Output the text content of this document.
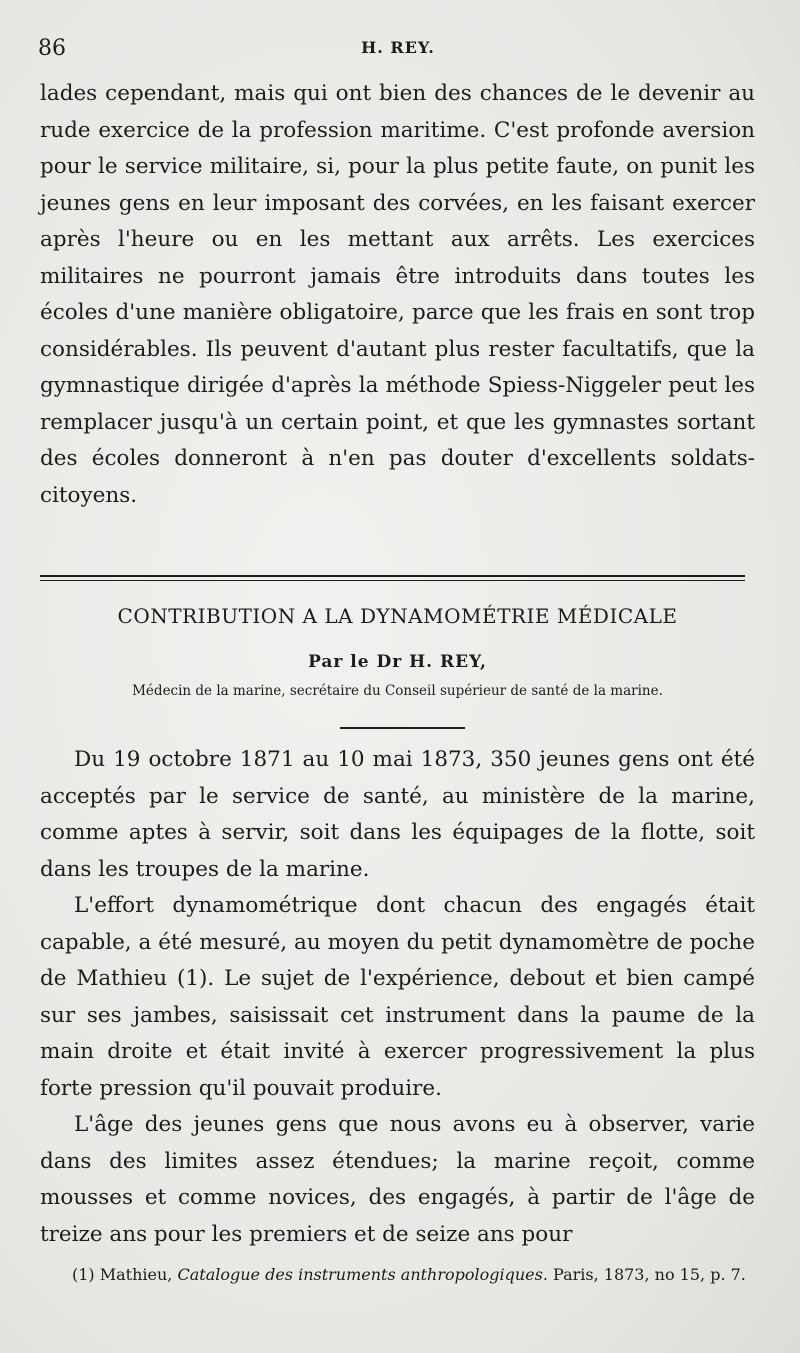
86	H. REY.

lades cependant, mais qui ont bien des chances de le devenir au rude exercice de la profession maritime. C'est profonde aversion pour le service militaire, si, pour la plus petite faute, on punit les jeunes gens en leur imposant des corvées, en les faisant exercer après l'heure ou en les mettant aux arrêts. Les exercices militaires ne pourront jamais être introduits dans toutes les écoles d'une manière obligatoire, parce que les frais en sont trop considérables. Ils peuvent d'autant plus rester facultatifs, que la gymnastique dirigée d'après la méthode Spiess-Niggeler peut les remplacer jusqu'à un certain point, et que les gymnastes sortant des écoles donneront à n'en pas douter d'excellents soldats-citoyens.

CONTRIBUTION A LA DYNAMOMÉTRIE MÉDICALE
Par le Dr H. REY,
Médecin de la marine, secrétaire du Conseil supérieur de santé de la marine.

Du 19 octobre 1871 au 10 mai 1873, 350 jeunes gens ont été acceptés par le service de santé, au ministère de la marine, comme aptes à servir, soit dans les équipages de la flotte, soit dans les troupes de la marine.

L'effort dynamométrique dont chacun des engagés était capable, a été mesuré, au moyen du petit dynamomètre de poche de Mathieu (1). Le sujet de l'expérience, debout et bien campé sur ses jambes, saisissait cet instrument dans la paume de la main droite et était invité à exercer progressivement la plus forte pression qu'il pouvait produire.

L'âge des jeunes gens que nous avons eu à observer, varie dans des limites assez étendues; la marine reçoit, comme mousses et comme novices, des engagés, à partir de l'âge de treize ans pour les premiers et de seize ans pour

(1) Mathieu, Catalogue des instruments anthropologiques. Paris, 1873, no 15, p. 7.
